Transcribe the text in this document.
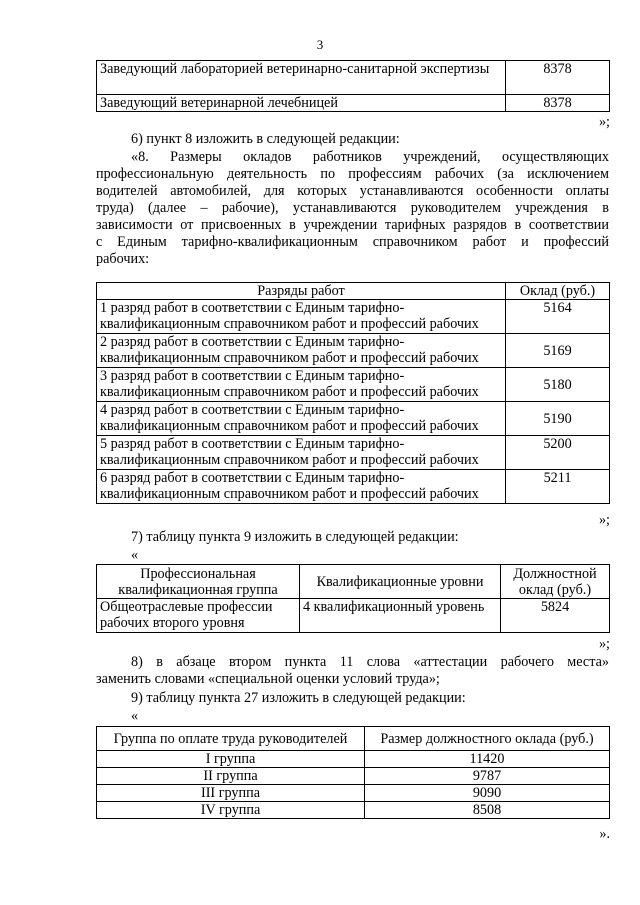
3
Заведующий лабораторией ветеринарно-санитарной экспертизы	8378
Заведующий ветеринарной лечебницей	8378
»;
6) пункт 8 изложить в следующей редакции:
«8. Размеры окладов работников учреждений, осуществляющих
профессиональную деятельность по профессиям рабочих (за исключением
водителей автомобилей, для которых устанавливаются особенности оплаты
труда) (далее – рабочие), устанавливаются руководителем учреждения в
зависимости от присвоенных в учреждении тарифных разрядов в соответствии
с Единым тарифно-квалификационным справочником работ и профессий
рабочих:
Разряды работ	Оклад (руб.)

1 разряд работ в соответствии с Единым тарифно-
квалификационным справочником работ и профессий рабочих	5164

2 разряд работ в соответствии с Единым тарифно-
квалификационным справочником работ и профессий рабочих	5169

3 разряд работ в соответствии с Единым тарифно-
квалификационным справочником работ и профессий рабочих	5180

4 разряд работ в соответствии с Единым тарифно-
квалификационным справочником работ и профессий рабочих	5190

5 разряд работ в соответствии с Единым тарифно-
квалификационным справочником работ и профессий рабочих	5200

6 разряд работ в соответствии с Единым тарифно-
квалификационным справочником работ и профессий рабочих	5211
»;
7) таблицу пункта 9 изложить в следующей редакции:
«
Профессиональная квалификационная группа	Квалификационные уровни	Должностной оклад (руб.)
Общеотраслевые профессии рабочих второго уровня	4 квалификационный уровень	5824
»;
8) в абзаце втором пункта 11 слова «аттестации рабочего места»
заменить словами «специальной оценки условий труда»;
9) таблицу пункта 27 изложить в следующей редакции:
«
Группа по оплате труда руководителей	Размер должностного оклада (руб.)
I группа	11420
II группа	9787
III группа	9090
IV группа	8508
».
